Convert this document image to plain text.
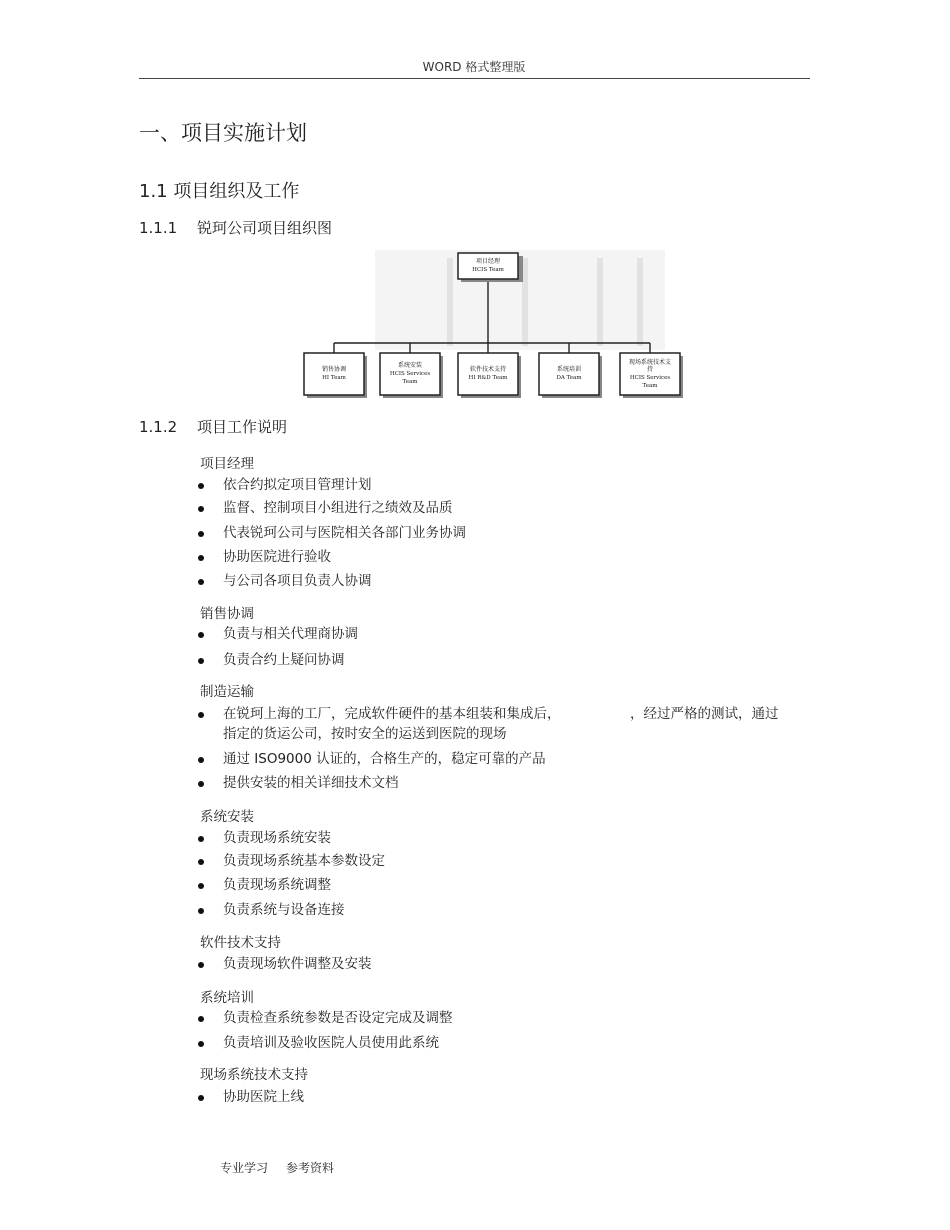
WORD 格式整理版
一、项目实施计划
1.1 项目组织及工作
1.1.1 锐珂公司项目组织图
项目经理
HCIS Team
销售协调
HI Team
系统安装
HCIS Services
Team
软件技术支持
HI R&D Team
系统培训
DA Team
现场系统技术支
持
HCIS Services
Team
1.1.2 项目工作说明
项目经理
依合约拟定项目管理计划
监督、控制项目小组进行之绩效及品质
代表锐珂公司与医院相关各部门业务协调
协助医院进行验收
与公司各项目负责人协调
销售协调
负责与相关代理商协调
负责合约上疑问协调
制造运输
在锐珂上海的工厂，完成软件硬件的基本组装和集成后，	，经过严格的测试，通过
指定的货运公司，按时安全的运送到医院的现场
通过 ISO9000 认证的，合格生产的，稳定可靠的产品
提供安装的相关详细技术文档
系统安装
负责现场系统安装
负责现场系统基本参数设定
负责现场系统调整
负责系统与设备连接
软件技术支持
负责现场软件调整及安装
系统培训
负责检查系统参数是否设定完成及调整
负责培训及验收医院人员使用此系统
现场系统技术支持
协助医院上线
专业学习 参考资料
